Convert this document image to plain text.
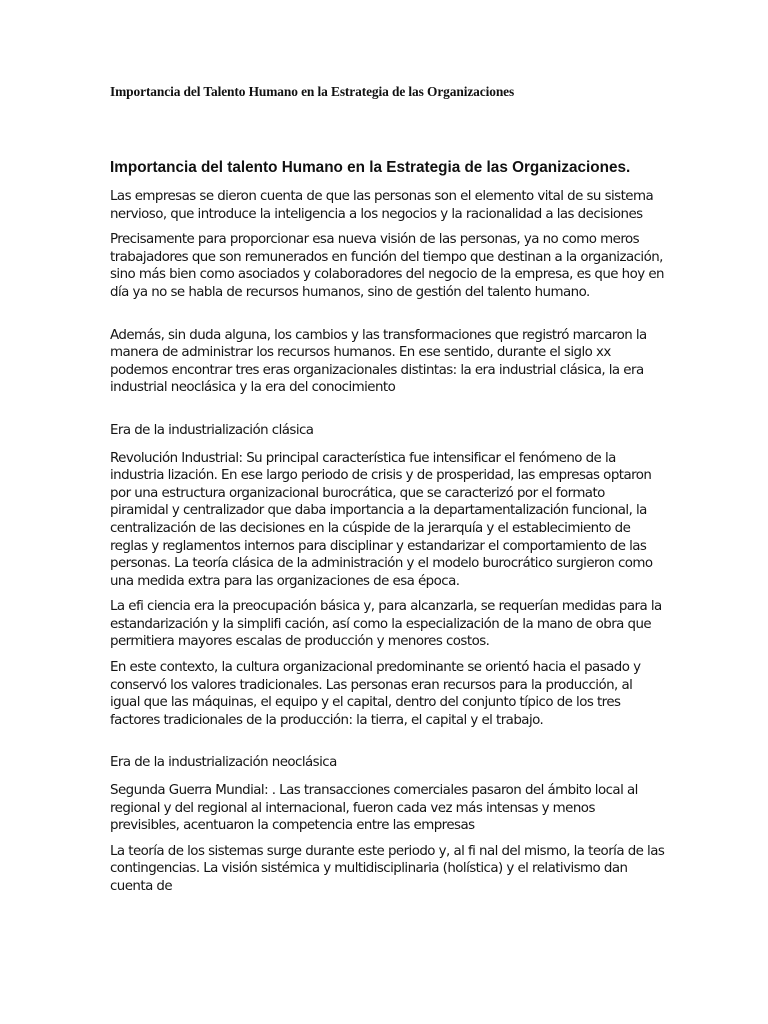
Importancia del Talento Humano en la Estrategia de las Organizaciones

Importancia del talento Humano en la Estrategia de las Organizaciones.

Las empresas se dieron cuenta de que las personas son el elemento vital de su sistema nervioso, que introduce la inteligencia a los negocios y la racionalidad a las decisiones

Precisamente para proporcionar esa nueva visión de las personas, ya no como meros trabajadores que son remunerados en función del tiempo que destinan a la organización, sino más bien como asociados y colaboradores del negocio de la empresa, es que hoy en día ya no se habla de recursos humanos, sino de gestión del talento humano.

Además, sin duda alguna, los cambios y las transformaciones que registró marcaron la manera de administrar los recursos humanos. En ese sentido, durante el siglo xx podemos encontrar tres eras organizacionales distintas: la era industrial clásica, la era industrial neoclásica y la era del conocimiento

Era de la industrialización clásica

Revolución Industrial: Su principal característica fue intensificar el fenómeno de la industria lización. En ese largo periodo de crisis y de prosperidad, las empresas optaron por una estructura organizacional burocrática, que se caracterizó por el formato piramidal y centralizador que daba importancia a la departamentalización funcional, la centralización de las decisiones en la cúspide de la jerarquía y el establecimiento de reglas y reglamentos internos para disciplinar y estandarizar el comportamiento de las personas. La teoría clásica de la administración y el modelo burocrático surgieron como una medida extra para las organizaciones de esa época.

La efi ciencia era la preocupación básica y, para alcanzarla, se requerían medidas para la estandarización y la simplifi cación, así como la especialización de la mano de obra que permitiera mayores escalas de producción y menores costos.

En este contexto, la cultura organizacional predominante se orientó hacia el pasado y conservó los valores tradicionales. Las personas eran recursos para la producción, al igual que las máquinas, el equipo y el capital, dentro del conjunto típico de los tres factores tradicionales de la producción: la tierra, el capital y el trabajo.

Era de la industrialización neoclásica

Segunda Guerra Mundial: . Las transacciones comerciales pasaron del ámbito local al regional y del regional al internacional, fueron cada vez más intensas y menos previsibles, acentuaron la competencia entre las empresas

La teoría de los sistemas surge durante este periodo y, al fi nal del mismo, la teoría de las contingencias. La visión sistémica y multidisciplinaria (holística) y el relativismo dan cuenta de
